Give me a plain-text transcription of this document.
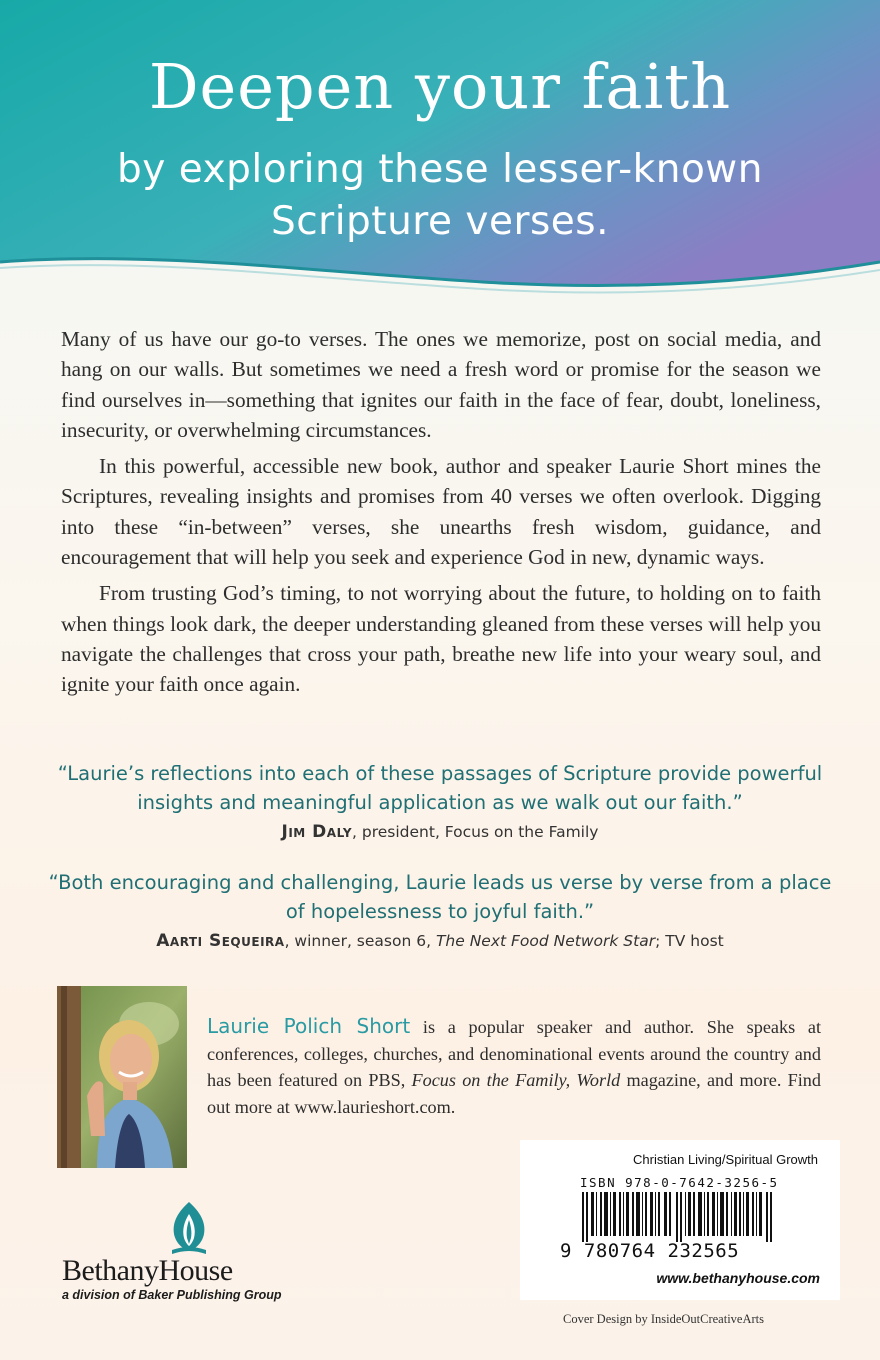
Deepen your faith
by exploring these lesser-known
Scripture verses.

Many of us have our go-to verses. The ones we memorize, post on social media, and hang on our walls. But sometimes we need a fresh word or promise for the season we find ourselves in—something that ignites our faith in the face of fear, doubt, loneliness, insecurity, or overwhelming circumstances.

In this powerful, accessible new book, author and speaker Laurie Short mines the Scriptures, revealing insights and promises from 40 verses we often overlook. Digging into these “in-between” verses, she unearths fresh wisdom, guidance, and encouragement that will help you seek and experience God in new, dynamic ways.

From trusting God’s timing, to not worrying about the future, to holding on to faith when things look dark, the deeper understanding gleaned from these verses will help you navigate the challenges that cross your path, breathe new life into your weary soul, and ignite your faith once again.

“Laurie’s reflections into each of these passages of Scripture provide powerful insights and meaningful application as we walk out our faith.”

Jim Daly, president, Focus on the Family

“Both encouraging and challenging, Laurie leads us verse by verse from a place of hopelessness to joyful faith.”

Aarti Sequeira, winner, season 6, The Next Food Network Star; TV host
Laurie Polich Short is a popular speaker and author. She speaks at conferences, colleges, churches, and denominational events around the country and has been featured on PBS, Focus on the Family, World magazine, and more. Find out more at www.laurieshort.com.
Christian Living/Spiritual Growth
ISBN 978-0-7642-3256-5
9 780764 232565
www.bethanyhouse.com
BethanyHouse
a division of Baker Publishing Group
Cover Design by InsideOutCreativeArts
